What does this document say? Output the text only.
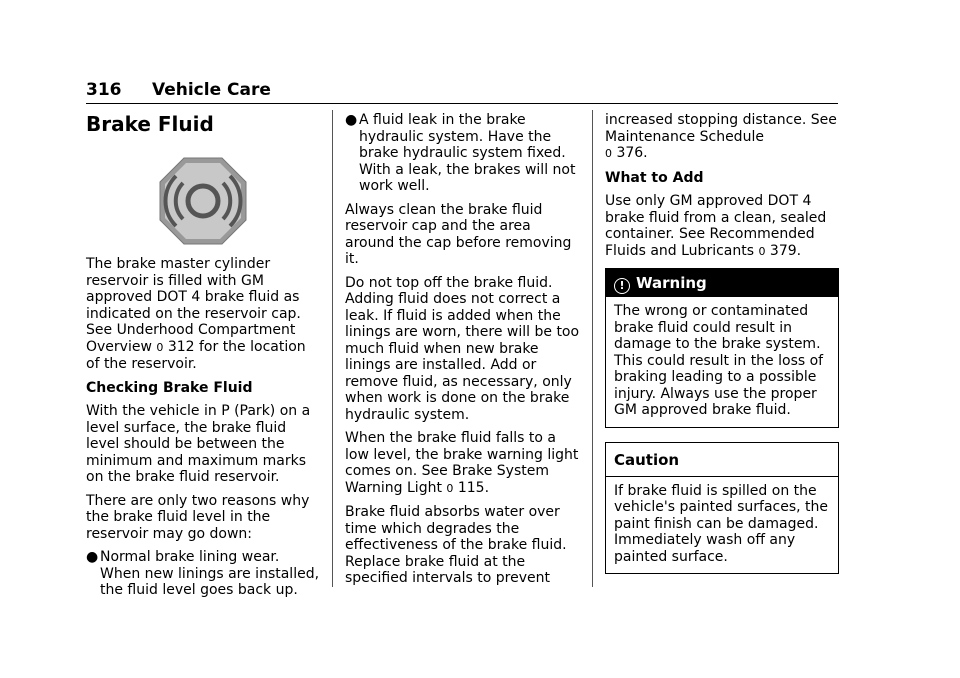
316 Vehicle Care
Brake Fluid

The brake master cylinder reservoir is filled with GM approved DOT 4 brake fluid as indicated on the reservoir cap. See Underhood Compartment Overview 0 312 for the location of the reservoir.

Checking Brake Fluid

With the vehicle in P (Park) on a level surface, the brake fluid level should be between the minimum and maximum marks on the brake fluid reservoir.

There are only two reasons why the brake fluid level in the reservoir may go down:

● Normal brake lining wear. When new linings are installed, the fluid level goes back up.
● A fluid leak in the brake hydraulic system. Have the brake hydraulic system fixed. With a leak, the brakes will not work well.

Always clean the brake fluid reservoir cap and the area around the cap before removing it.

Do not top off the brake fluid. Adding fluid does not correct a leak. If fluid is added when the linings are worn, there will be too much fluid when new brake linings are installed. Add or remove fluid, as necessary, only when work is done on the brake hydraulic system.

When the brake fluid falls to a low level, the brake warning light comes on. See Brake System Warning Light 0 115.

Brake fluid absorbs water over time which degrades the effectiveness of the brake fluid. Replace brake fluid at the specified intervals to prevent

increased stopping distance. See Maintenance Schedule
0 376.

What to Add

Use only GM approved DOT 4 brake fluid from a clean, sealed container. See Recommended Fluids and Lubricants 0 379.

! Warning
The wrong or contaminated brake fluid could result in damage to the brake system. This could result in the loss of braking leading to a possible injury. Always use the proper GM approved brake fluid.
Caution
If brake fluid is spilled on the vehicle's painted surfaces, the paint finish can be damaged. Immediately wash off any painted surface.
